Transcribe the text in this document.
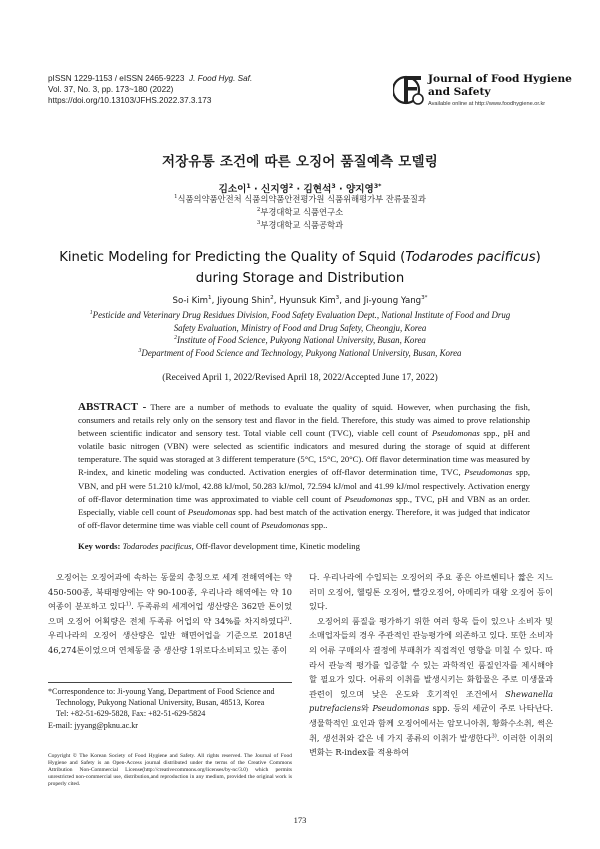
pISSN 1229-1153 / eISSN 2465-9223 J. Food Hyg. Saf.
Vol. 37, No. 3, pp. 173~180 (2022)
https://doi.org/10.13103/JFHS.2022.37.3.173
Journal of Food Hygiene
and Safety
Available online at http://www.foodhygiene.or.kr
저장유통 조건에 따른 오징어 품질예측 모델링
김소이$^1$ · 신지영$^2$ · 김현석$^3$ · 양지영$^{3*}$
$^1$식품의약품안전처 식품의약품안전평가원 식품위해평가부 잔류물질과
$^2$부경대학교 식품연구소
$^3$부경대학교 식품공학과
Kinetic Modeling for Predicting the Quality of Squid (Todarodes pacificus)
during Storage and Distribution
So-i Kim$^1$, Jiyoung Shin$^2$, Hyunsuk Kim$^3$, and Ji-young Yang$^{3*}$
$^1$Pesticide and Veterinary Drug Residues Division, Food Safety Evaluation Dept., National Institute of Food and Drug
Safety Evaluation, Ministry of Food and Drug Safety, Cheongju, Korea
$^2$Institute of Food Science, Pukyong National University, Busan, Korea
$^3$Department of Food Science and Technology, Pukyong National University, Busan, Korea
(Received April 1, 2022/Revised April 18, 2022/Accepted June 17, 2022)
ABSTRACT - There are a number of methods to evaluate the quality of squid. However, when purchasing the fish, consumers and retails rely only on the sensory test and flavor in the field. Therefore, this study was aimed to prove relationship between scientific indicator and sensory test. Total viable cell count (TVC), viable cell count of Pseudomonas spp., pH and volatile basic nitrogen (VBN) were selected as scientific indicators and mesured during the storage of squid at different temperature. The squid was storaged at 3 different temperature (5°C, 15°C, 20°C). Off flavor determination time was measured by R-index, and kinetic modeling was conducted. Activation energies of off-flavor determination time, TVC, Pseudomonas spp, VBN, and pH were 51.210 kJ/mol, 42.88 kJ/mol, 50.283 kJ/mol, 72.594 kJ/mol and 41.99 kJ/mol respectively. Activation energy of off-flavor determination time was approximated to viable cell count of Pseudomonas spp., TVC, pH and VBN as an order. Especially, viable cell count of Pseudomonas spp. had best match of the activation energy. Therefore, it was judged that indicator of off-flavor determine time was viable cell count of Pseudomonas spp..
Key words: Todarodes pacificus, Off-flavor development time, Kinetic modeling
오징어는 오징어과에 속하는 동물의 총칭으로 세계 전해역에는 약 450-500종, 북태평양에는 약 90-100종, 우리나라 해역에는 약 10여종이 분포하고 있다$^{1)}$. 두족류의 세계어업 생산량은 362만 톤이었으며 오징어 어획량은 전체 두족류 어업의 약 34%를 차지하였다$^{2)}$. 우리나라의 오징어 생산량은 일반 해면어업을 기준으로 2018년 46,274톤이었으며 연체동물 중 생산량 1위로다소비되고 있는 종이
*Correspondence to: Ji-young Yang, Department of Food Science and
Technology, Pukyong National University, Busan, 48513, Korea
Tel: +82-51-629-5828, Fax: +82-51-629-5824
E-mail: jyyang@pknu.ac.kr
Copyright © The Korean Society of Food Hygiene and Safety. All rights reserved. The Journal of Food Hygiene and Safety is an Open-Access journal distributed under the terms of the Creative Commons Attribution Non-Commercial License(http://creativecommons.org/licenses/by-nc/3.0) which permits unrestricted non-commercial use, distribution,and reproduction in any medium, provided the original work is properly cited.
다. 우리나라에 수입되는 오징어의 주요 종은 아르헨티나 짧은 지느러미 오징어, 헬링톤 오징어, 빨강오징어, 아메리카 대왕 오징어 등이 있다.
오징어의 품질을 평가하기 위한 여러 항목 들이 있으나 소비자 및 소매업자들의 경우 주관적인 관능평가에 의존하고 있다. 또한 소비자의 어류 구매의사 결정에 부패취가 직접적인 영향을 미칠 수 있다. 따라서 관능적 평가를 입증할 수 있는 과학적인 품질인자를 제시해야 할 필요가 있다. 어류의 이취를 발생시키는 화합물은 주로 미생물과 관련이 있으며 낮은 온도와 호기적인 조건에서 Shewanella putrefaciens와 Pseudomonas spp. 등의 세균이 주로 나타난다. 생물학적인 요인과 함께 오징어에서는 암모니아취, 황화수소취, 썩은취, 생선취와 같은 네 가지 종류의 이취가 발생한다$^{3)}$. 이러한 이취의 변화는 R-index를 적용하여
173
